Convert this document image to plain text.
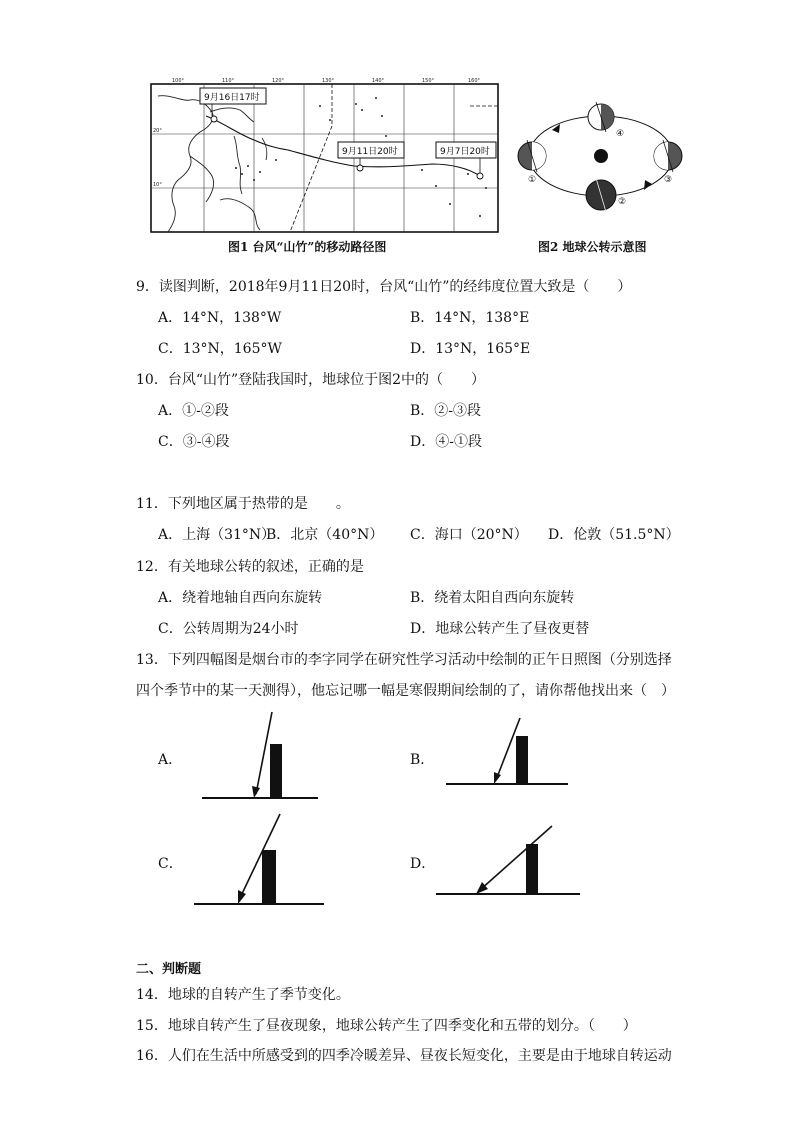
100°	110°	120°	130°	140°	150°	160°
20°
10°
9月16日17时
9月11日20时	9月7日20时
图1 台风“山竹”的移动路径图
①
②
③
④
图2 地球公转示意图
9．读图判断，2018年9月11日20时，台风“山竹”的经纬度位置大致是（　　）
A．14°N，138°W	B．14°N，138°E
C．13°N，165°W	D．13°N，165°E
10．台风“山竹”登陆我国时，地球位于图2中的（　　）
A．①-②段	B．②-③段
C．③-④段	D．④-①段
11．下列地区属于热带的是　　。
A．上海（31°N）
B．北京（40°N） C．海口（20°N） D．伦敦（51.5°N）
12．有关地球公转的叙述，正确的是
A．绕着地轴自西向东旋转	B．绕着太阳自西向东旋转
C．公转周期为24小时	D．地球公转产生了昼夜更替
13．下列四幅图是烟台市的李字同学在研究性学习活动中绘制的正午日照图（分别选择
四个季节中的某一天测得），他忘记哪一幅是寒假期间绘制的了，请你帮他找出来（　）
A．	B．
C．	D．
二、判断题
14．地球的自转产生了季节变化。
15．地球自转产生了昼夜现象，地球公转产生了四季变化和五带的划分。（　　）
16．人们在生活中所感受到的四季冷暖差异、昼夜长短变化，主要是由于地球自转运动
